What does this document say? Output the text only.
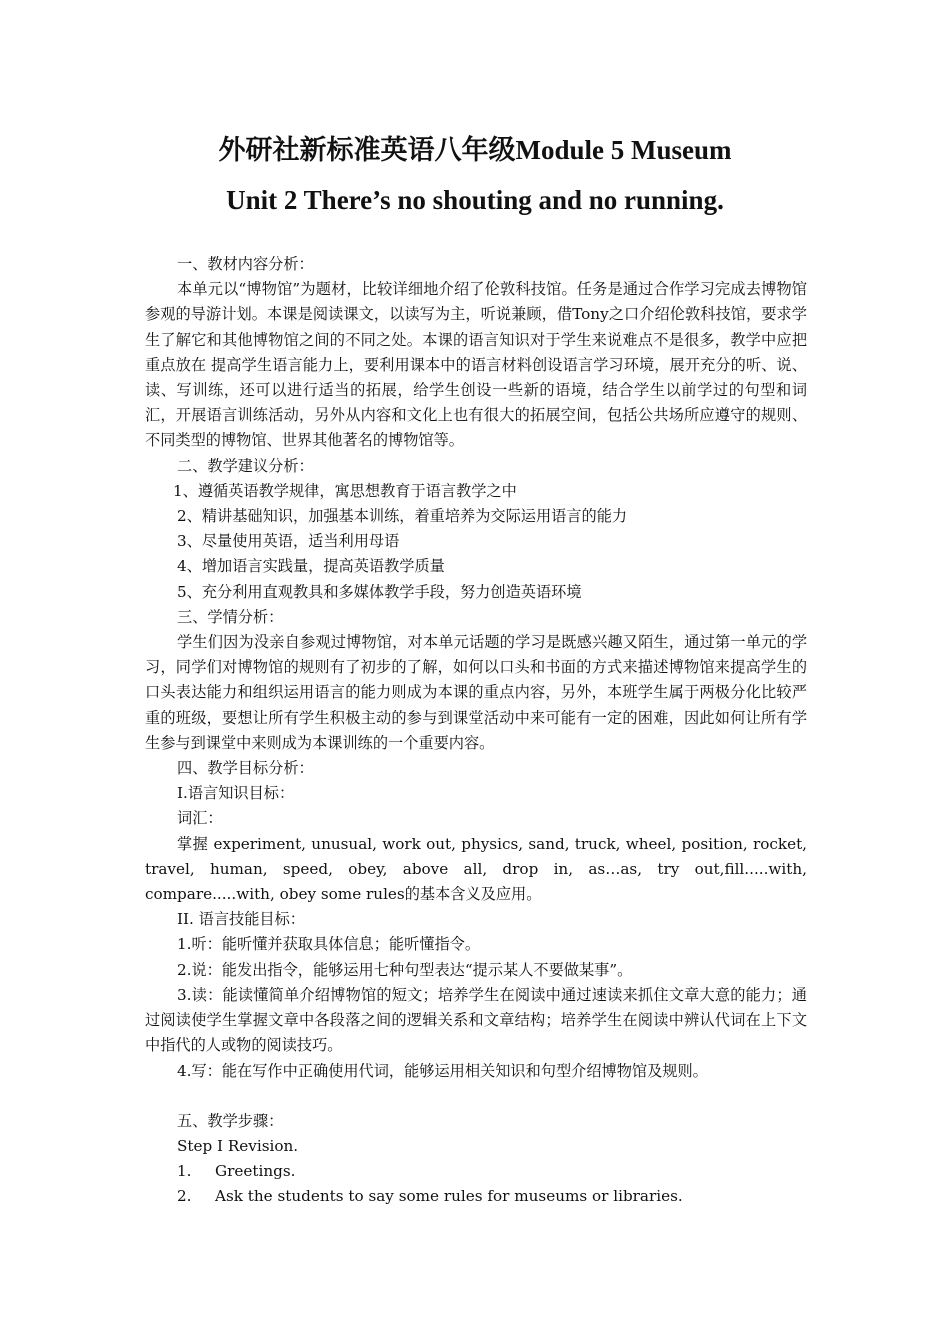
外研社新标准英语八年级Module 5 Museum
Unit 2 There’s no shouting and no running.

一、教材内容分析：

本单元以“博物馆”为题材，比较详细地介绍了伦敦科技馆。任务是通过合作学习完成去博物馆参观的导游计划。本课是阅读课文，以读写为主，听说兼顾，借Tony之口介绍伦敦科技馆，要求学生了解它和其他博物馆之间的不同之处。本课的语言知识对于学生来说难点不是很多，教学中应把重点放在 提高学生语言能力上，要利用课本中的语言材料创设语言学习环境，展开充分的听、说、读、写训练，还可以进行适当的拓展，给学生创设一些新的语境，结合学生以前学过的句型和词汇，开展语言训练活动，另外从内容和文化上也有很大的拓展空间，包括公共场所应遵守的规则、不同类型的博物馆、世界其他著名的博物馆等。

二、教学建议分析：

1、遵循英语教学规律，寓思想教育于语言教学之中

2、精讲基础知识，加强基本训练，着重培养为交际运用语言的能力

3、尽量使用英语，适当利用母语

4、增加语言实践量，提高英语教学质量

5、充分利用直观教具和多媒体教学手段，努力创造英语环境

三、学情分析：

学生们因为没亲自参观过博物馆，对本单元话题的学习是既感兴趣又陌生，通过第一单元的学习，同学们对博物馆的规则有了初步的了解，如何以口头和书面的方式来描述博物馆来提高学生的口头表达能力和组织运用语言的能力则成为本课的重点内容，另外，本班学生属于两极分化比较严重的班级，要想让所有学生积极主动的参与到课堂活动中来可能有一定的困难，因此如何让所有学生参与到课堂中来则成为本课训练的一个重要内容。

四、教学目标分析：

I.语言知识目标：

词汇：

掌握 experiment, unusual, work out, physics, sand, truck, wheel, position, rocket, travel, human, speed, obey, above all, drop in, as…as, try out,fill.....with, compare.....with, obey some rules的基本含义及应用。

II. 语言技能目标：

1.听：能听懂并获取具体信息；能听懂指令。

2.说：能发出指令，能够运用七种句型表达“提示某人不要做某事”。

3.读：能读懂简单介绍博物馆的短文；培养学生在阅读中通过速读来抓住文章大意的能力；通过阅读使学生掌握文章中各段落之间的逻辑关系和文章结构；培养学生在阅读中辨认代词在上下文中指代的人或物的阅读技巧。

4.写：能在写作中正确使用代词，能够运用相关知识和句型介绍博物馆及规则。

五、教学步骤：

Step I Revision.

1. Greetings.

2. Ask the students to say some rules for museums or libraries.
